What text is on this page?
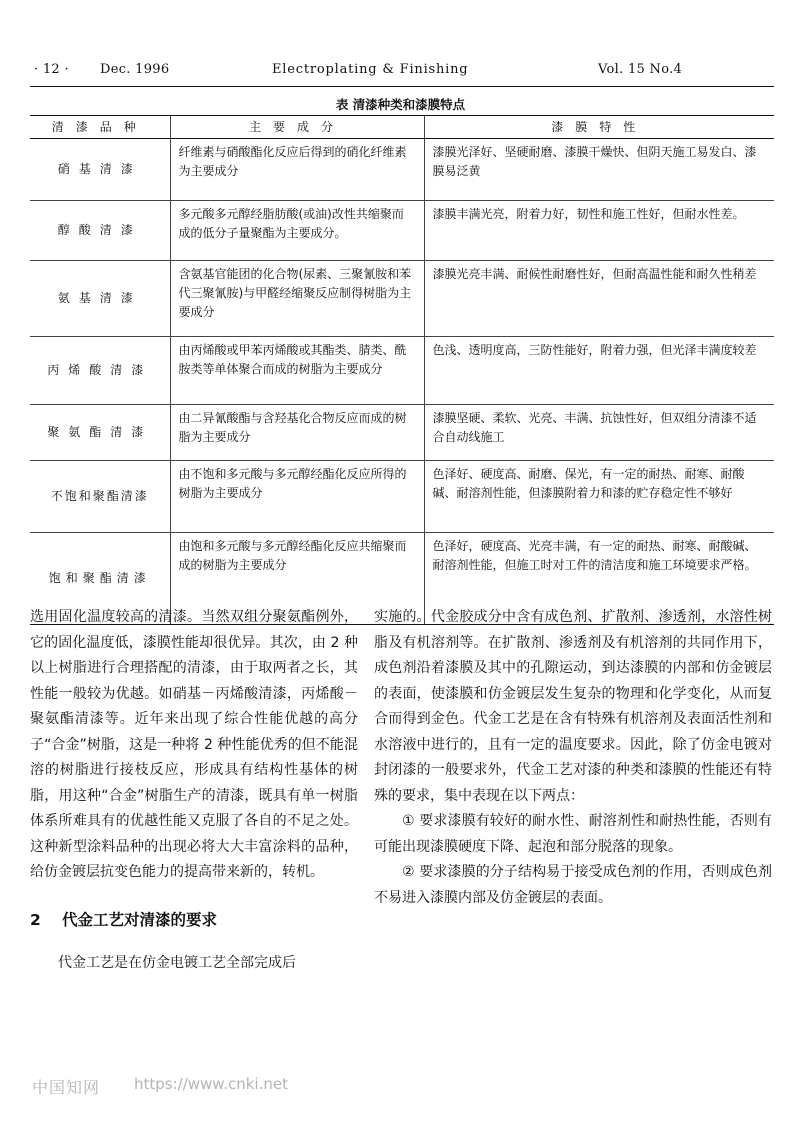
· 12 · Dec. 1996	Electroplating & Finishing	Vol. 15 No.4
表 清漆种类和漆膜特点
清漆品种	主要成分	漆膜特性
硝基清漆	纤维素与硝酸酯化反应后得到的硝化纤维素为主要成分	漆膜光泽好、坚硬耐磨、漆膜干燥快、但阴天施工易发白、漆膜易泛黄
醇酸清漆	多元酸多元醇经脂肪酸(或油)改性共缩聚而成的低分子量聚酯为主要成分。	漆膜丰满光亮，附着力好，韧性和施工性好，但耐水性差。
氨基清漆	含氨基官能团的化合物(尿素、三聚氰胺和苯代三聚氰胺)与甲醛经缩聚反应制得树脂为主要成分	漆膜光亮丰满、耐候性耐磨性好，但耐高温性能和耐久性稍差
丙烯酸清漆	由丙烯酸或甲苯丙烯酸或其酯类、腈类、酰胺类等单体聚合而成的树脂为主要成分	色浅、透明度高，三防性能好，附着力强，但光泽丰满度较差
聚氨酯清漆	由二异氰酸酯与含羟基化合物反应而成的树脂为主要成分	漆膜坚硬、柔软、光亮、丰满、抗蚀性好，但双组分清漆不适合自动线施工
不饱和聚酯清漆	由不饱和多元酸与多元醇经酯化反应所得的树脂为主要成分	色泽好、硬度高、耐磨、保光，有一定的耐热、耐寒、耐酸碱、耐溶剂性能，但漆膜附着力和漆的贮存稳定性不够好
饱和聚酯清漆	由饱和多元酸与多元醇经酯化反应共缩聚而成的树脂为主要成分	色泽好，硬度高、光亮丰满，有一定的耐热、耐寒、耐酸碱、耐溶剂性能，但施工时对工件的清洁度和施工环境要求严格。

选用固化温度较高的清漆。当然双组分聚氨酯例外，它的固化温度低，漆膜性能却很优异。其次，由 2 种以上树脂进行合理搭配的清漆，由于取两者之长，其性能一般较为优越。如硝基－丙烯酸清漆，丙烯酸－聚氨酯清漆等。近年来出现了综合性能优越的高分子“合金”树脂，这是一种将 2 种性能优秀的但不能混溶的树脂进行接枝反应，形成具有结构性基体的树脂，用这种“合金”树脂生产的清漆，既具有单一树脂体系所难具有的优越性能又克服了各自的不足之处。这种新型涂料品种的出现必将大大丰富涂料的品种，给仿金镀层抗变色能力的提高带来新的，转机。

2 代金工艺对清漆的要求

代金工艺是在仿金电镀工艺全部完成后

实施的。代金胶成分中含有成色剂、扩散剂、渗透剂，水溶性树脂及有机溶剂等。在扩散剂、渗透剂及有机溶剂的共同作用下，成色剂沿着漆膜及其中的孔隙运动，到达漆膜的内部和仿金镀层的表面，使漆膜和仿金镀层发生复杂的物理和化学变化，从而复合而得到金色。代金工艺是在含有特殊有机溶剂及表面活性剂和水溶液中进行的，且有一定的温度要求。因此，除了仿金电镀对封闭漆的一般要求外，代金工艺对漆的种类和漆膜的性能还有特殊的要求，集中表现在以下两点：

① 要求漆膜有较好的耐水性、耐溶剂性和耐热性能，否则有可能出现漆膜硬度下降、起泡和部分脱落的现象。

② 要求漆膜的分子结构易于接受成色剂的作用，否则成色剂不易进入漆膜内部及仿金镀层的表面。

中国知网 https://www.cnki.net
